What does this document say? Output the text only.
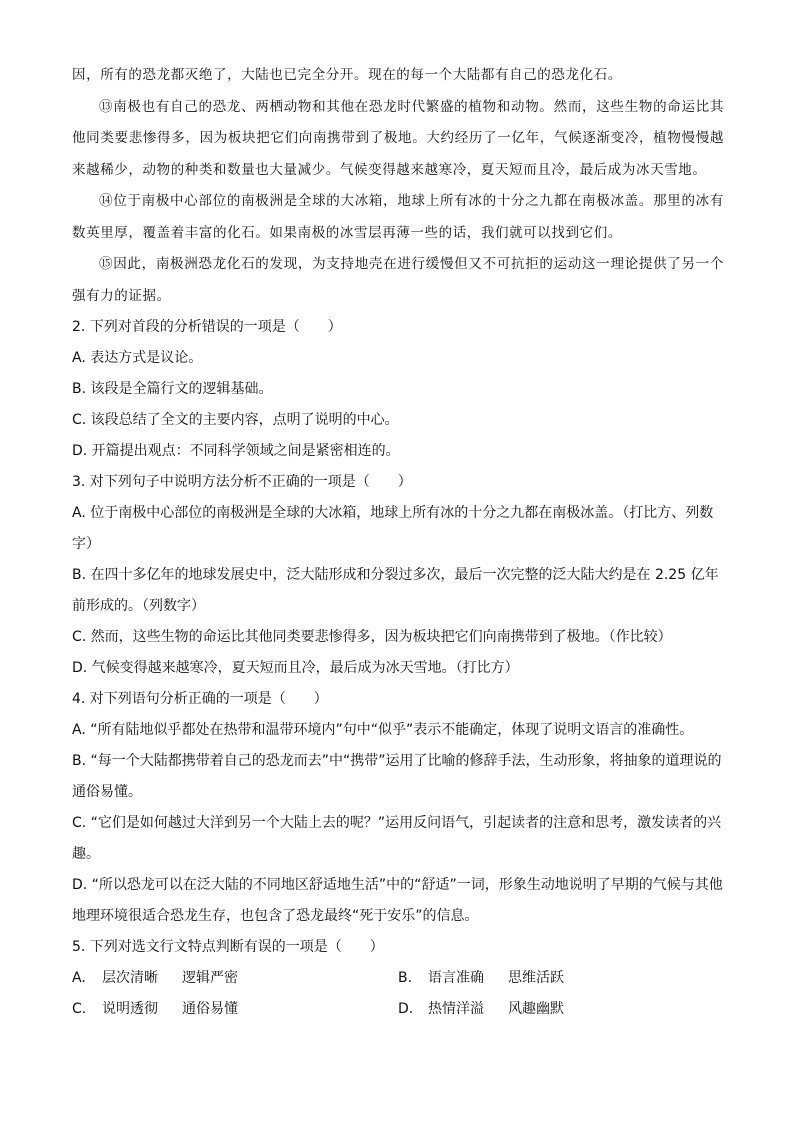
因，所有的恐龙都灭绝了，大陆也已完全分开。现在的每一个大陆都有自己的恐龙化石。

⑬南极也有自己的恐龙、两栖动物和其他在恐龙时代繁盛的植物和动物。然而，这些生物的命运比其他同类要悲惨得多，因为板块把它们向南携带到了极地。大约经历了一亿年，气候逐渐变冷，植物慢慢越来越稀少，动物的种类和数量也大量减少。气候变得越来越寒冷，夏天短而且冷，最后成为冰天雪地。

⑭位于南极中心部位的南极洲是全球的大冰箱，地球上所有冰的十分之九都在南极冰盖。那里的冰有数英里厚，覆盖着丰富的化石。如果南极的冰雪层再薄一些的话，我们就可以找到它们。

⑮因此，南极洲恐龙化石的发现，为支持地壳在进行缓慢但又不可抗拒的运动这一理论提供了另一个强有力的证据。

2. 下列对首段的分析错误的一项是（　　）
A. 表达方式是议论。
B. 该段是全篇行文的逻辑基础。
C. 该段总结了全文的主要内容，点明了说明的中心。
D. 开篇提出观点：不同科学领域之间是紧密相连的。
3. 对下列句子中说明方法分析不正确的一项是（　　）
A. 位于南极中心部位的南极洲是全球的大冰箱，地球上所有冰的十分之九都在南极冰盖。（打比方、列数字）
B. 在四十多亿年的地球发展史中，泛大陆形成和分裂过多次，最后一次完整的泛大陆大约是在 2.25 亿年前形成的。（列数字）
C. 然而，这些生物的命运比其他同类要悲惨得多，因为板块把它们向南携带到了极地。（作比较）
D. 气候变得越来越寒冷，夏天短而且冷，最后成为冰天雪地。（打比方）
4. 对下列语句分析正确的一项是（　　）
A. “所有陆地似乎都处在热带和温带环境内”句中“似乎”表示不能确定，体现了说明文语言的准确性。
B. “每一个大陆都携带着自己的恐龙而去”中“携带”运用了比喻的修辞手法，生动形象，将抽象的道理说的通俗易懂。
C. “它们是如何越过大洋到另一个大陆上去的呢？”运用反问语气，引起读者的注意和思考，激发读者的兴趣。
D. “所以恐龙可以在泛大陆的不同地区舒适地生活”中的“舒适”一词，形象生动地说明了早期的气候与其他地理环境很适合恐龙生存，也包含了恐龙最终“死于安乐”的信息。
5. 下列对选文行文特点判断有误的一项是（　　）
A.	层次清晰	逻辑严密	B.	语言准确	思维活跃
C.	说明透彻	通俗易懂	D.	热情洋溢	风趣幽默
